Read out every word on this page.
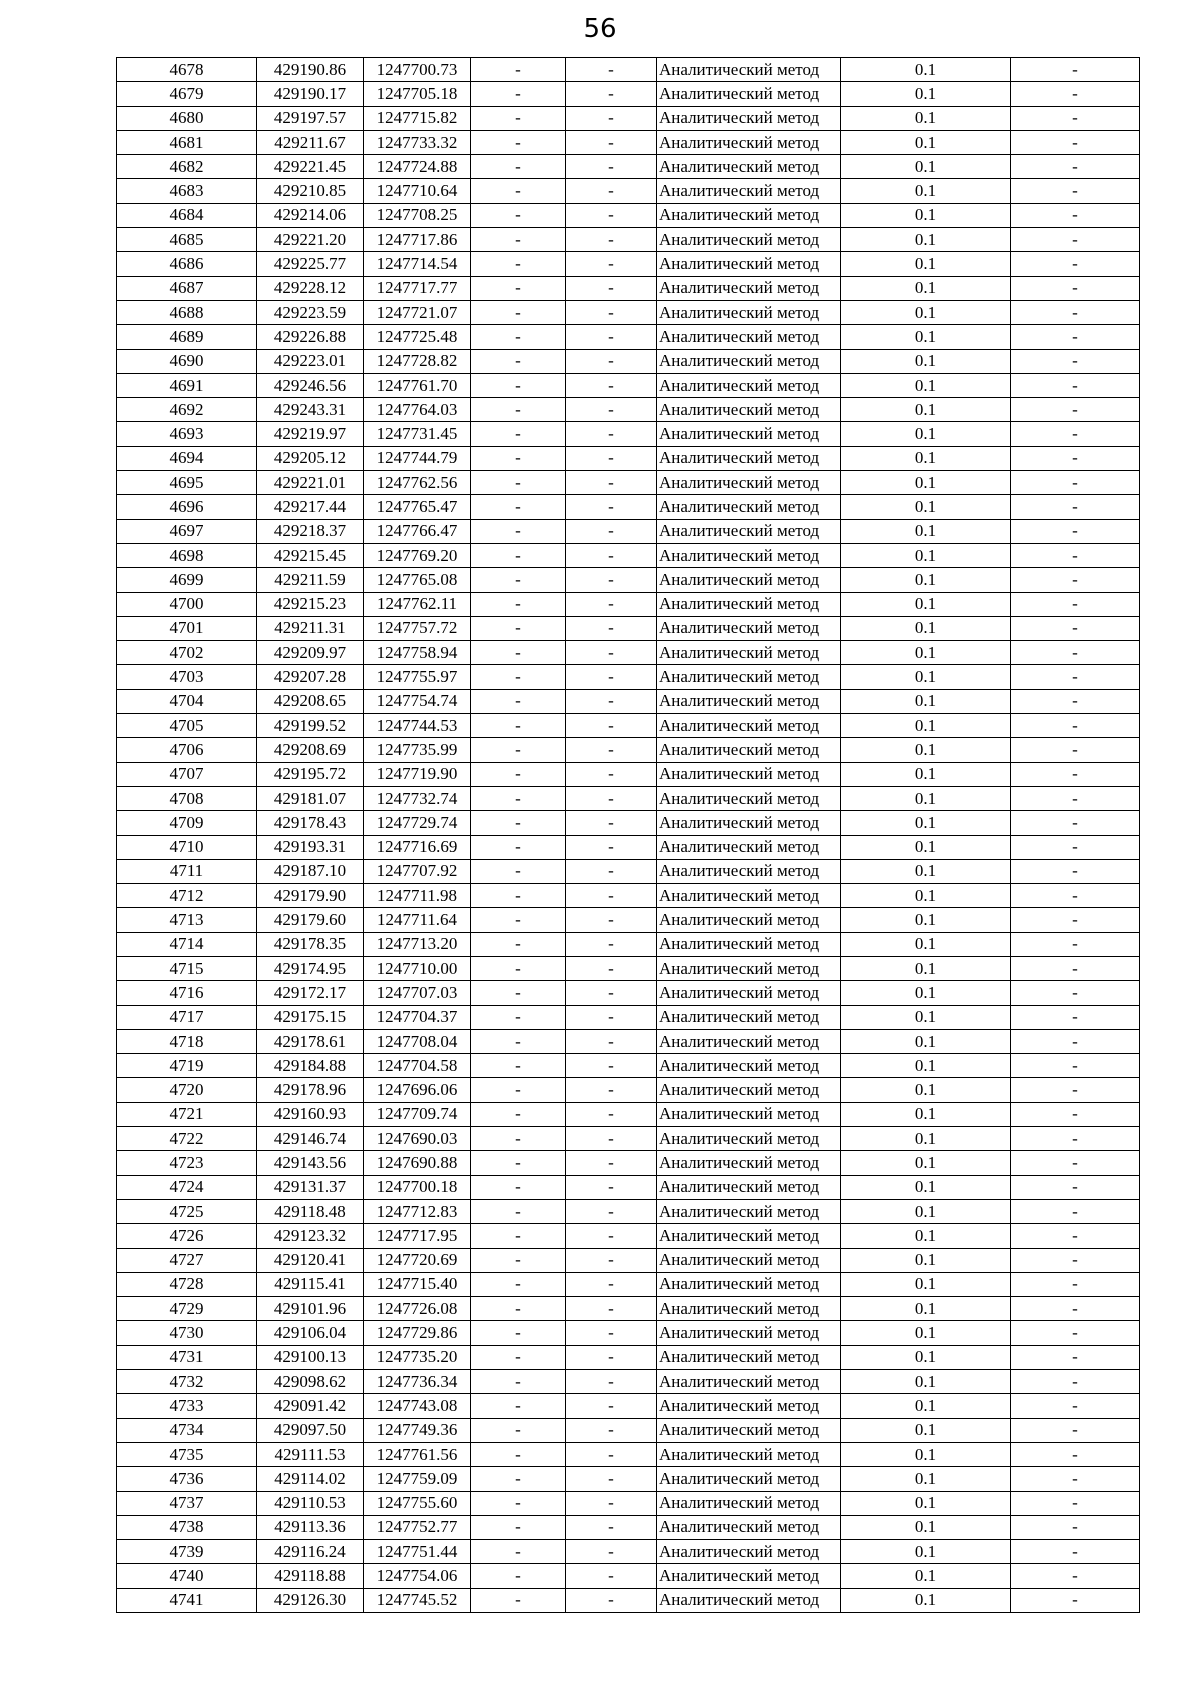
56
4678	429190.86	1247700.73	-	-	Аналитический метод	0.1	-
4679	429190.17	1247705.18	-	-	Аналитический метод	0.1	-
4680	429197.57	1247715.82	-	-	Аналитический метод	0.1	-
4681	429211.67	1247733.32	-	-	Аналитический метод	0.1	-
4682	429221.45	1247724.88	-	-	Аналитический метод	0.1	-
4683	429210.85	1247710.64	-	-	Аналитический метод	0.1	-
4684	429214.06	1247708.25	-	-	Аналитический метод	0.1	-
4685	429221.20	1247717.86	-	-	Аналитический метод	0.1	-
4686	429225.77	1247714.54	-	-	Аналитический метод	0.1	-
4687	429228.12	1247717.77	-	-	Аналитический метод	0.1	-
4688	429223.59	1247721.07	-	-	Аналитический метод	0.1	-
4689	429226.88	1247725.48	-	-	Аналитический метод	0.1	-
4690	429223.01	1247728.82	-	-	Аналитический метод	0.1	-
4691	429246.56	1247761.70	-	-	Аналитический метод	0.1	-
4692	429243.31	1247764.03	-	-	Аналитический метод	0.1	-
4693	429219.97	1247731.45	-	-	Аналитический метод	0.1	-
4694	429205.12	1247744.79	-	-	Аналитический метод	0.1	-
4695	429221.01	1247762.56	-	-	Аналитический метод	0.1	-
4696	429217.44	1247765.47	-	-	Аналитический метод	0.1	-
4697	429218.37	1247766.47	-	-	Аналитический метод	0.1	-
4698	429215.45	1247769.20	-	-	Аналитический метод	0.1	-
4699	429211.59	1247765.08	-	-	Аналитический метод	0.1	-
4700	429215.23	1247762.11	-	-	Аналитический метод	0.1	-
4701	429211.31	1247757.72	-	-	Аналитический метод	0.1	-
4702	429209.97	1247758.94	-	-	Аналитический метод	0.1	-
4703	429207.28	1247755.97	-	-	Аналитический метод	0.1	-
4704	429208.65	1247754.74	-	-	Аналитический метод	0.1	-
4705	429199.52	1247744.53	-	-	Аналитический метод	0.1	-
4706	429208.69	1247735.99	-	-	Аналитический метод	0.1	-
4707	429195.72	1247719.90	-	-	Аналитический метод	0.1	-
4708	429181.07	1247732.74	-	-	Аналитический метод	0.1	-
4709	429178.43	1247729.74	-	-	Аналитический метод	0.1	-
4710	429193.31	1247716.69	-	-	Аналитический метод	0.1	-
4711	429187.10	1247707.92	-	-	Аналитический метод	0.1	-
4712	429179.90	1247711.98	-	-	Аналитический метод	0.1	-
4713	429179.60	1247711.64	-	-	Аналитический метод	0.1	-
4714	429178.35	1247713.20	-	-	Аналитический метод	0.1	-
4715	429174.95	1247710.00	-	-	Аналитический метод	0.1	-
4716	429172.17	1247707.03	-	-	Аналитический метод	0.1	-
4717	429175.15	1247704.37	-	-	Аналитический метод	0.1	-
4718	429178.61	1247708.04	-	-	Аналитический метод	0.1	-
4719	429184.88	1247704.58	-	-	Аналитический метод	0.1	-
4720	429178.96	1247696.06	-	-	Аналитический метод	0.1	-
4721	429160.93	1247709.74	-	-	Аналитический метод	0.1	-
4722	429146.74	1247690.03	-	-	Аналитический метод	0.1	-
4723	429143.56	1247690.88	-	-	Аналитический метод	0.1	-
4724	429131.37	1247700.18	-	-	Аналитический метод	0.1	-
4725	429118.48	1247712.83	-	-	Аналитический метод	0.1	-
4726	429123.32	1247717.95	-	-	Аналитический метод	0.1	-
4727	429120.41	1247720.69	-	-	Аналитический метод	0.1	-
4728	429115.41	1247715.40	-	-	Аналитический метод	0.1	-
4729	429101.96	1247726.08	-	-	Аналитический метод	0.1	-
4730	429106.04	1247729.86	-	-	Аналитический метод	0.1	-
4731	429100.13	1247735.20	-	-	Аналитический метод	0.1	-
4732	429098.62	1247736.34	-	-	Аналитический метод	0.1	-
4733	429091.42	1247743.08	-	-	Аналитический метод	0.1	-
4734	429097.50	1247749.36	-	-	Аналитический метод	0.1	-
4735	429111.53	1247761.56	-	-	Аналитический метод	0.1	-
4736	429114.02	1247759.09	-	-	Аналитический метод	0.1	-
4737	429110.53	1247755.60	-	-	Аналитический метод	0.1	-
4738	429113.36	1247752.77	-	-	Аналитический метод	0.1	-
4739	429116.24	1247751.44	-	-	Аналитический метод	0.1	-
4740	429118.88	1247754.06	-	-	Аналитический метод	0.1	-
4741	429126.30	1247745.52	-	-	Аналитический метод	0.1	-
